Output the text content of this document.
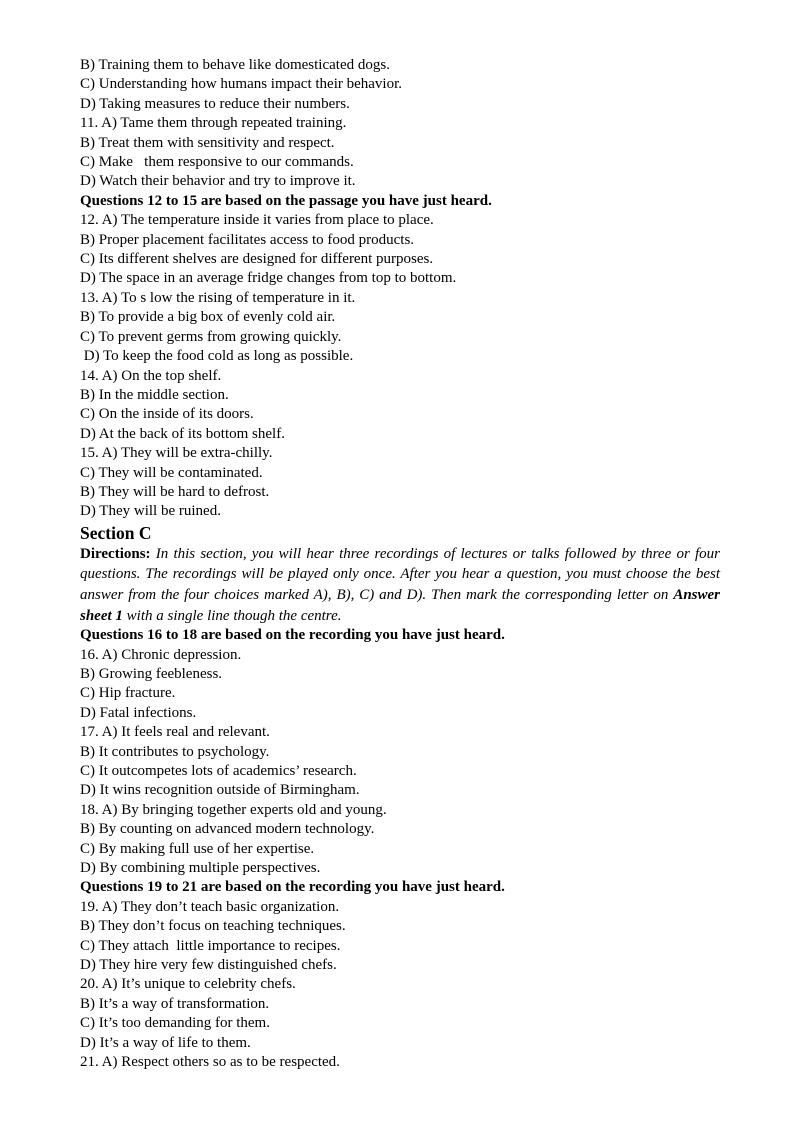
B) Training them to behave like domesticated dogs.
C) Understanding how humans impact their behavior.
D) Taking measures to reduce their numbers.
11. A) Tame them through repeated training.
B) Treat them with sensitivity and respect.
C) Make   them responsive to our commands.
D) Watch their behavior and try to improve it.
Questions 12 to 15 are based on the passage you have just heard.
12. A) The temperature inside it varies from place to place.
B) Proper placement facilitates access to food products.
C) Its different shelves are designed for different purposes.
D) The space in an average fridge changes from top to bottom.
13. A) To s low the rising of temperature in it.
B) To provide a big box of evenly cold air.
C) To prevent germs from growing quickly.
D) To keep the food cold as long as possible.
14. A) On the top shelf.
B) In the middle section.
C) On the inside of its doors.
D) At the back of its bottom shelf.
15. A) They will be extra-chilly.
C) They will be contaminated.
B) They will be hard to defrost.
D) They will be ruined.
Section C
Directions: In this section, you will hear three recordings of lectures or talks followed by three or four questions. The recordings will be played only once. After you hear a question, you must choose the best answer from the four choices marked A), B), C) and D). Then mark the corresponding letter on Answer sheet 1 with a single line though the centre.
Questions 16 to 18 are based on the recording you have just heard.
16. A) Chronic depression.
B) Growing feebleness.
C) Hip fracture.
D) Fatal infections.
17. A) It feels real and relevant.
B) It contributes to psychology.
C) It outcompetes lots of academics’ research.
D) It wins recognition outside of Birmingham.
18. A) By bringing together experts old and young.
B) By counting on advanced modern technology.
C) By making full use of her expertise.
D) By combining multiple perspectives.
Questions 19 to 21 are based on the recording you have just heard.
19. A) They don’t teach basic organization.
B) They don’t focus on teaching techniques.
C) They attach  little importance to recipes.
D) They hire very few distinguished chefs.
20. A) It’s unique to celebrity chefs.
B) It’s a way of transformation.
C) It’s too demanding for them.
D) It’s a way of life to them.
21. A) Respect others so as to be respected.
